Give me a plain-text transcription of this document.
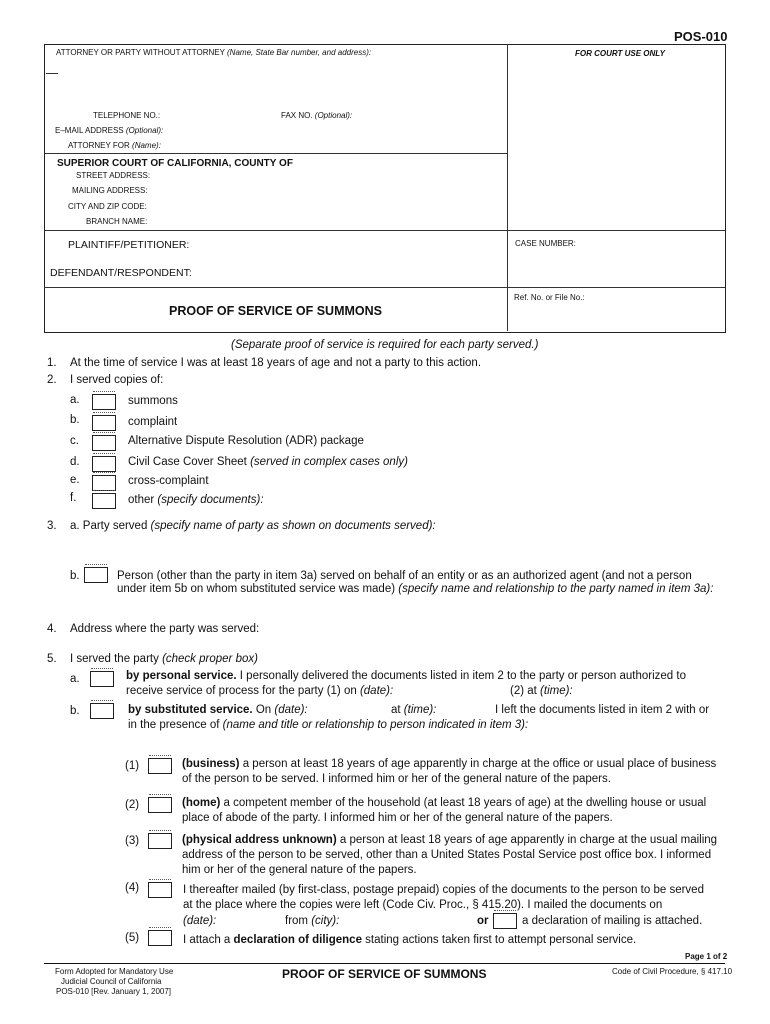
POS-010
ATTORNEY OR PARTY WITHOUT ATTORNEY (Name, State Bar number, and address):	FOR COURT USE ONLY
TELEPHONE NO.:	FAX NO. (Optional):
E–MAIL ADDRESS (Optional):
ATTORNEY FOR (Name):
SUPERIOR COURT OF CALIFORNIA, COUNTY OF
STREET ADDRESS:
MAILING ADDRESS:
CITY AND ZIP CODE:
BRANCH NAME:
PLAINTIFF/PETITIONER:	CASE NUMBER:
DEFENDANT/RESPONDENT:
Ref. No. or File No.:
PROOF OF SERVICE OF SUMMONS
(Separate proof of service is required for each party served.)
1. At the time of service I was at least 18 years of age and not a party to this action.
2. I served copies of:
a.	summons
b.	complaint
c.	Alternative Dispute Resolution (ADR) package
d.	Civil Case Cover Sheet (served in complex cases only)
e.	cross-complaint
f.	other (specify documents):
3. a. Party served (specify name of party as shown on documents served):
b.	Person (other than the party in item 3a) served on behalf of an entity or as an authorized agent (and not a person
under item 5b on whom substituted service was made) (specify name and relationship to the party named in item 3a):
4. Address where the party was served:
5. I served the party (check proper box)
a.	by personal service. I personally delivered the documents listed in item 2 to the party or person authorized to
receive service of process for the party (1) on (date):	(2) at (time):
b.	by substituted service. On (date):	at (time):	I left the documents listed in item 2 with or
in the presence of (name and title or relationship to person indicated in item 3):
(1)	(business) a person at least 18 years of age apparently in charge at the office or usual place of business
of the person to be served. I informed him or her of the general nature of the papers.
(2)	(home) a competent member of the household (at least 18 years of age) at the dwelling house or usual
place of abode of the party. I informed him or her of the general nature of the papers.
(3)	(physical address unknown) a person at least 18 years of age apparently in charge at the usual mailing
address of the person to be served, other than a United States Postal Service post office box. I informed
him or her of the general nature of the papers.
(4)	I thereafter mailed (by first-class, postage prepaid) copies of the documents to the person to be served
at the place where the copies were left (Code Civ. Proc., § 415.20). I mailed the documents on
(date):	from (city):	or	a declaration of mailing is attached.
(5)	I attach a declaration of diligence stating actions taken first to attempt personal service.
Page 1 of 2
Form Adopted for Mandatory Use
Judicial Council of California
POS-010 [Rev. January 1, 2007]
PROOF OF SERVICE OF SUMMONS	Code of Civil Procedure, § 417.10
